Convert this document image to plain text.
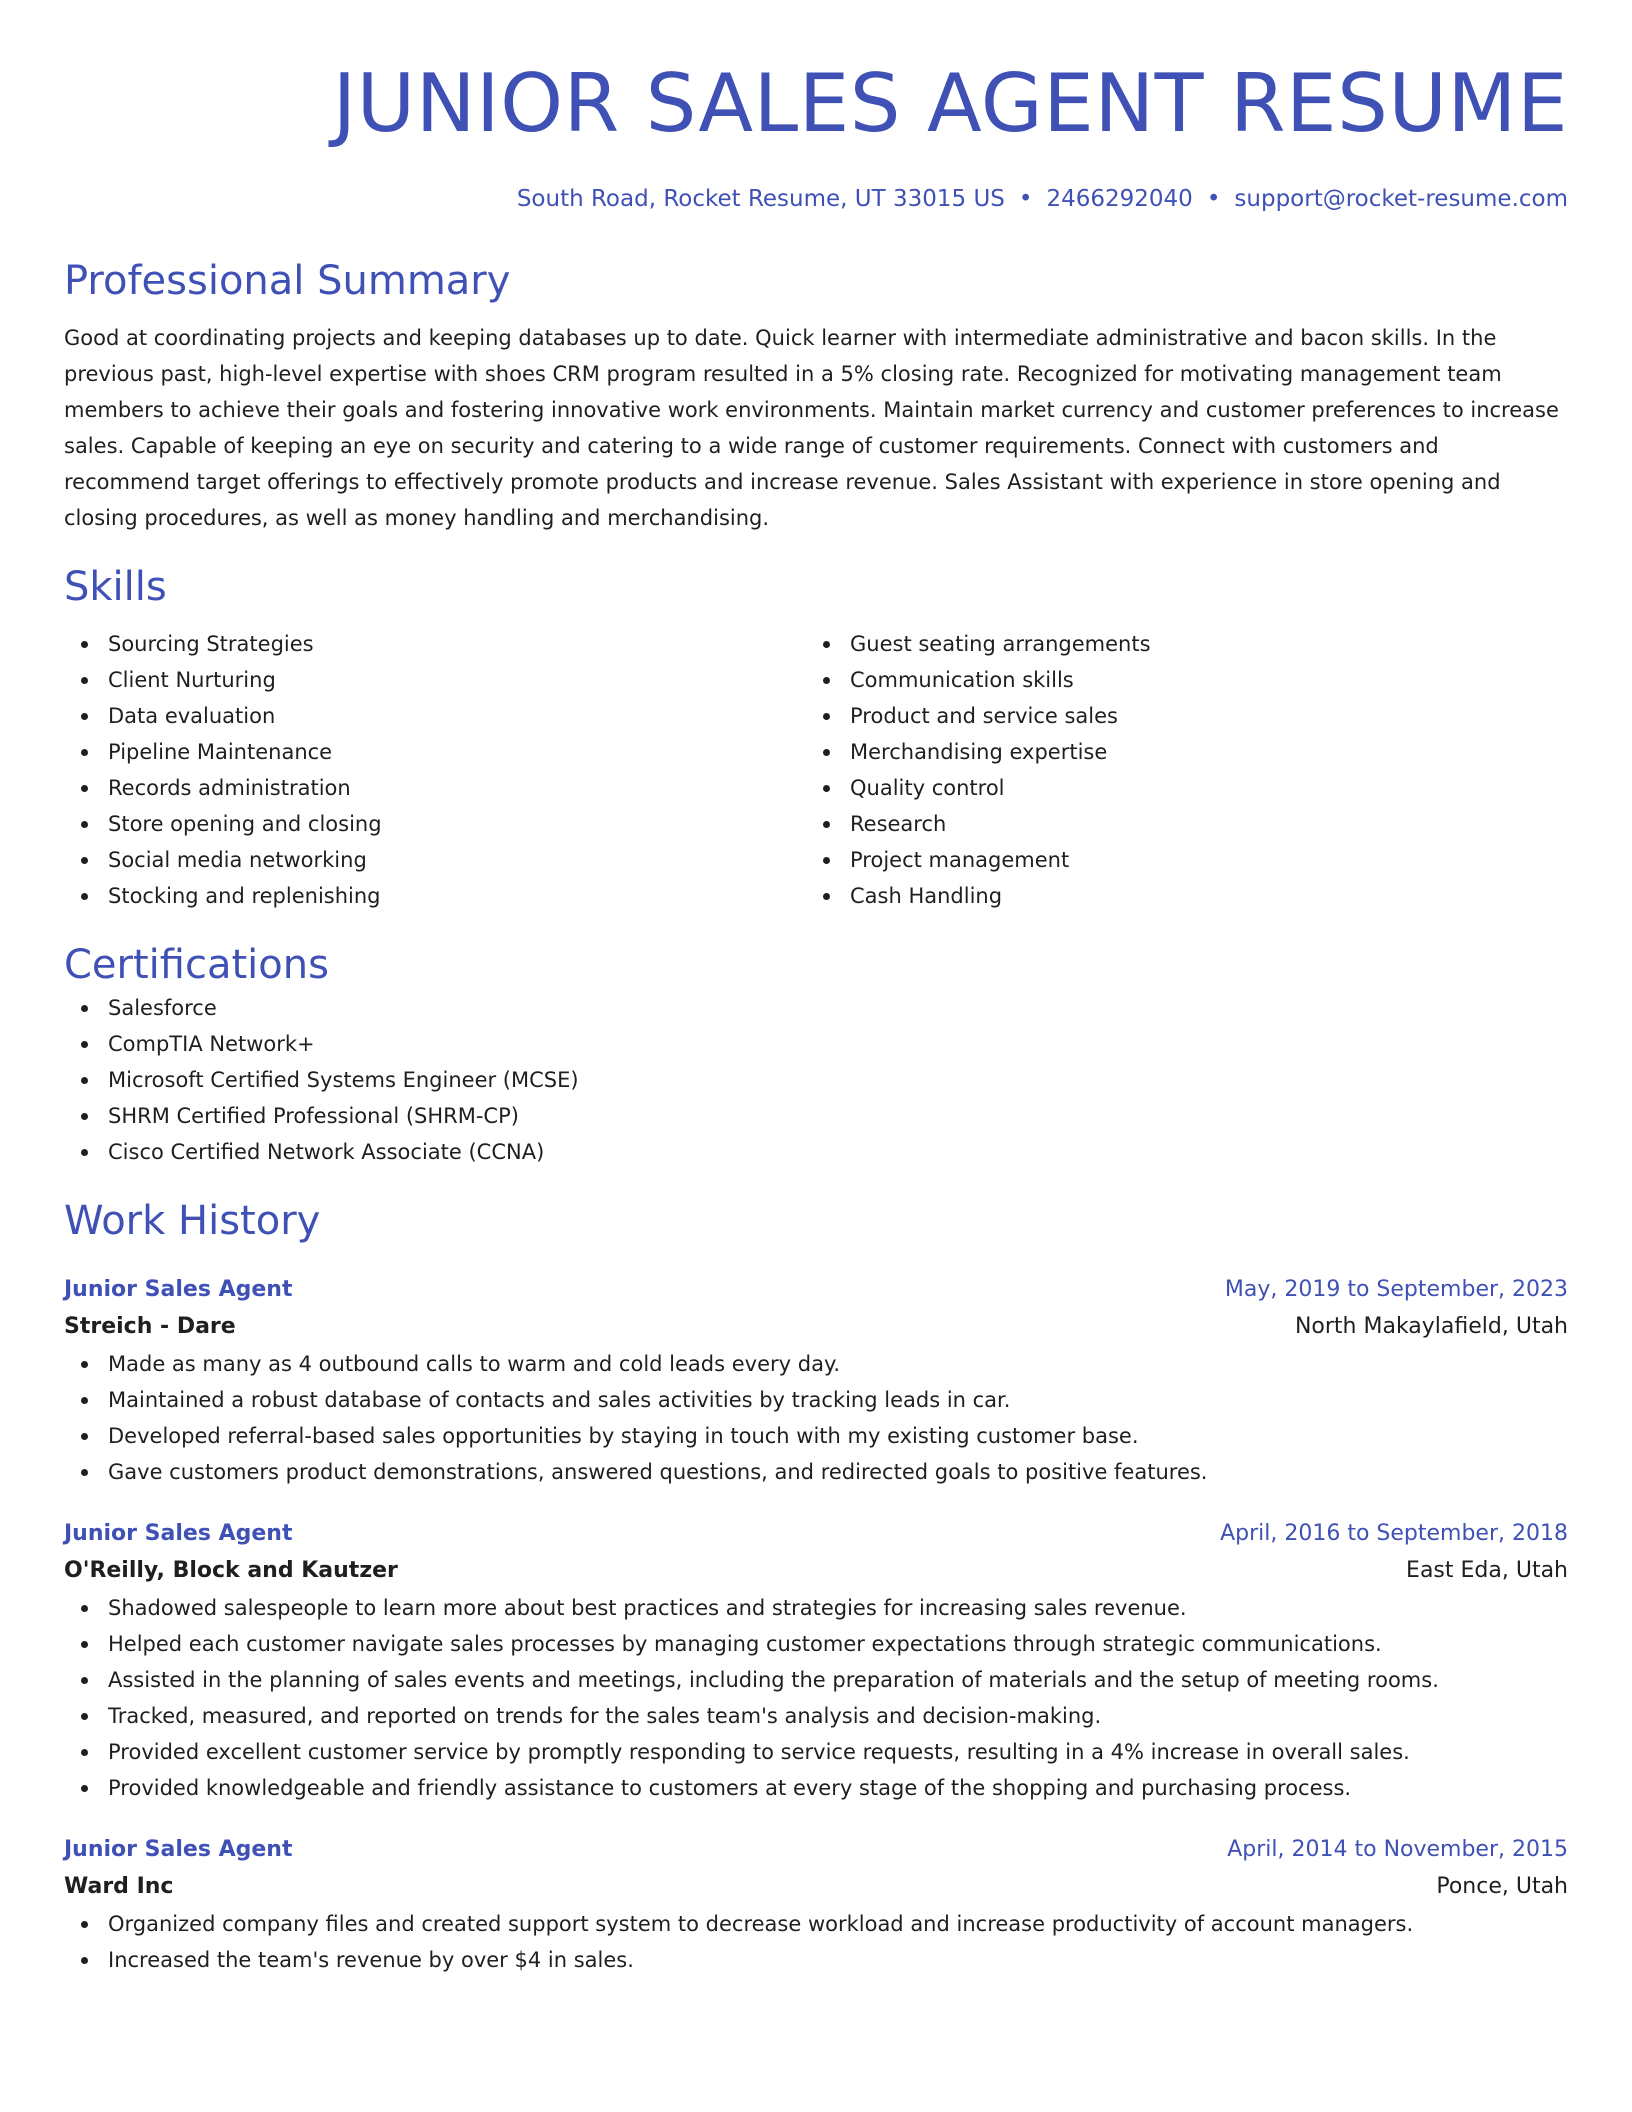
JUNIOR SALES AGENT RESUME
South Road, Rocket Resume, UT 33015 US • 2466292040 • support@rocket-resume.com
Professional Summary
Good at coordinating projects and keeping databases up to date. Quick learner with intermediate administrative and bacon skills. In the previous past, high-level expertise with shoes CRM program resulted in a 5% closing rate. Recognized for motivating management team members to achieve their goals and fostering innovative work environments. Maintain market currency and customer preferences to increase sales. Capable of keeping an eye on security and catering to a wide range of customer requirements. Connect with customers and recommend target offerings to effectively promote products and increase revenue. Sales Assistant with experience in store opening and closing procedures, as well as money handling and merchandising.
Skills
Sourcing Strategies
Client Nurturing
Data evaluation
Pipeline Maintenance
Records administration
Store opening and closing
Social media networking
Stocking and replenishing
Guest seating arrangements
Communication skills
Product and service sales
Merchandising expertise
Quality control
Research
Project management
Cash Handling
Certifications
Salesforce
CompTIA Network+
Microsoft Certified Systems Engineer (MCSE)
SHRM Certified Professional (SHRM-CP)
Cisco Certified Network Associate (CCNA)
Work History
Junior Sales Agent	May, 2019 to September, 2023
Streich - Dare	North Makaylafield, Utah
Made as many as 4 outbound calls to warm and cold leads every day.
Maintained a robust database of contacts and sales activities by tracking leads in car.
Developed referral-based sales opportunities by staying in touch with my existing customer base.
Gave customers product demonstrations, answered questions, and redirected goals to positive features.
Junior Sales Agent	April, 2016 to September, 2018
O'Reilly, Block and Kautzer	East Eda, Utah
Shadowed salespeople to learn more about best practices and strategies for increasing sales revenue.
Helped each customer navigate sales processes by managing customer expectations through strategic communications.
Assisted in the planning of sales events and meetings, including the preparation of materials and the setup of meeting rooms.
Tracked, measured, and reported on trends for the sales team's analysis and decision-making.
Provided excellent customer service by promptly responding to service requests, resulting in a 4% increase in overall sales.
Provided knowledgeable and friendly assistance to customers at every stage of the shopping and purchasing process.
Junior Sales Agent	April, 2014 to November, 2015
Ward Inc	Ponce, Utah
Organized company files and created support system to decrease workload and increase productivity of account managers.
Increased the team's revenue by over $4 in sales.
